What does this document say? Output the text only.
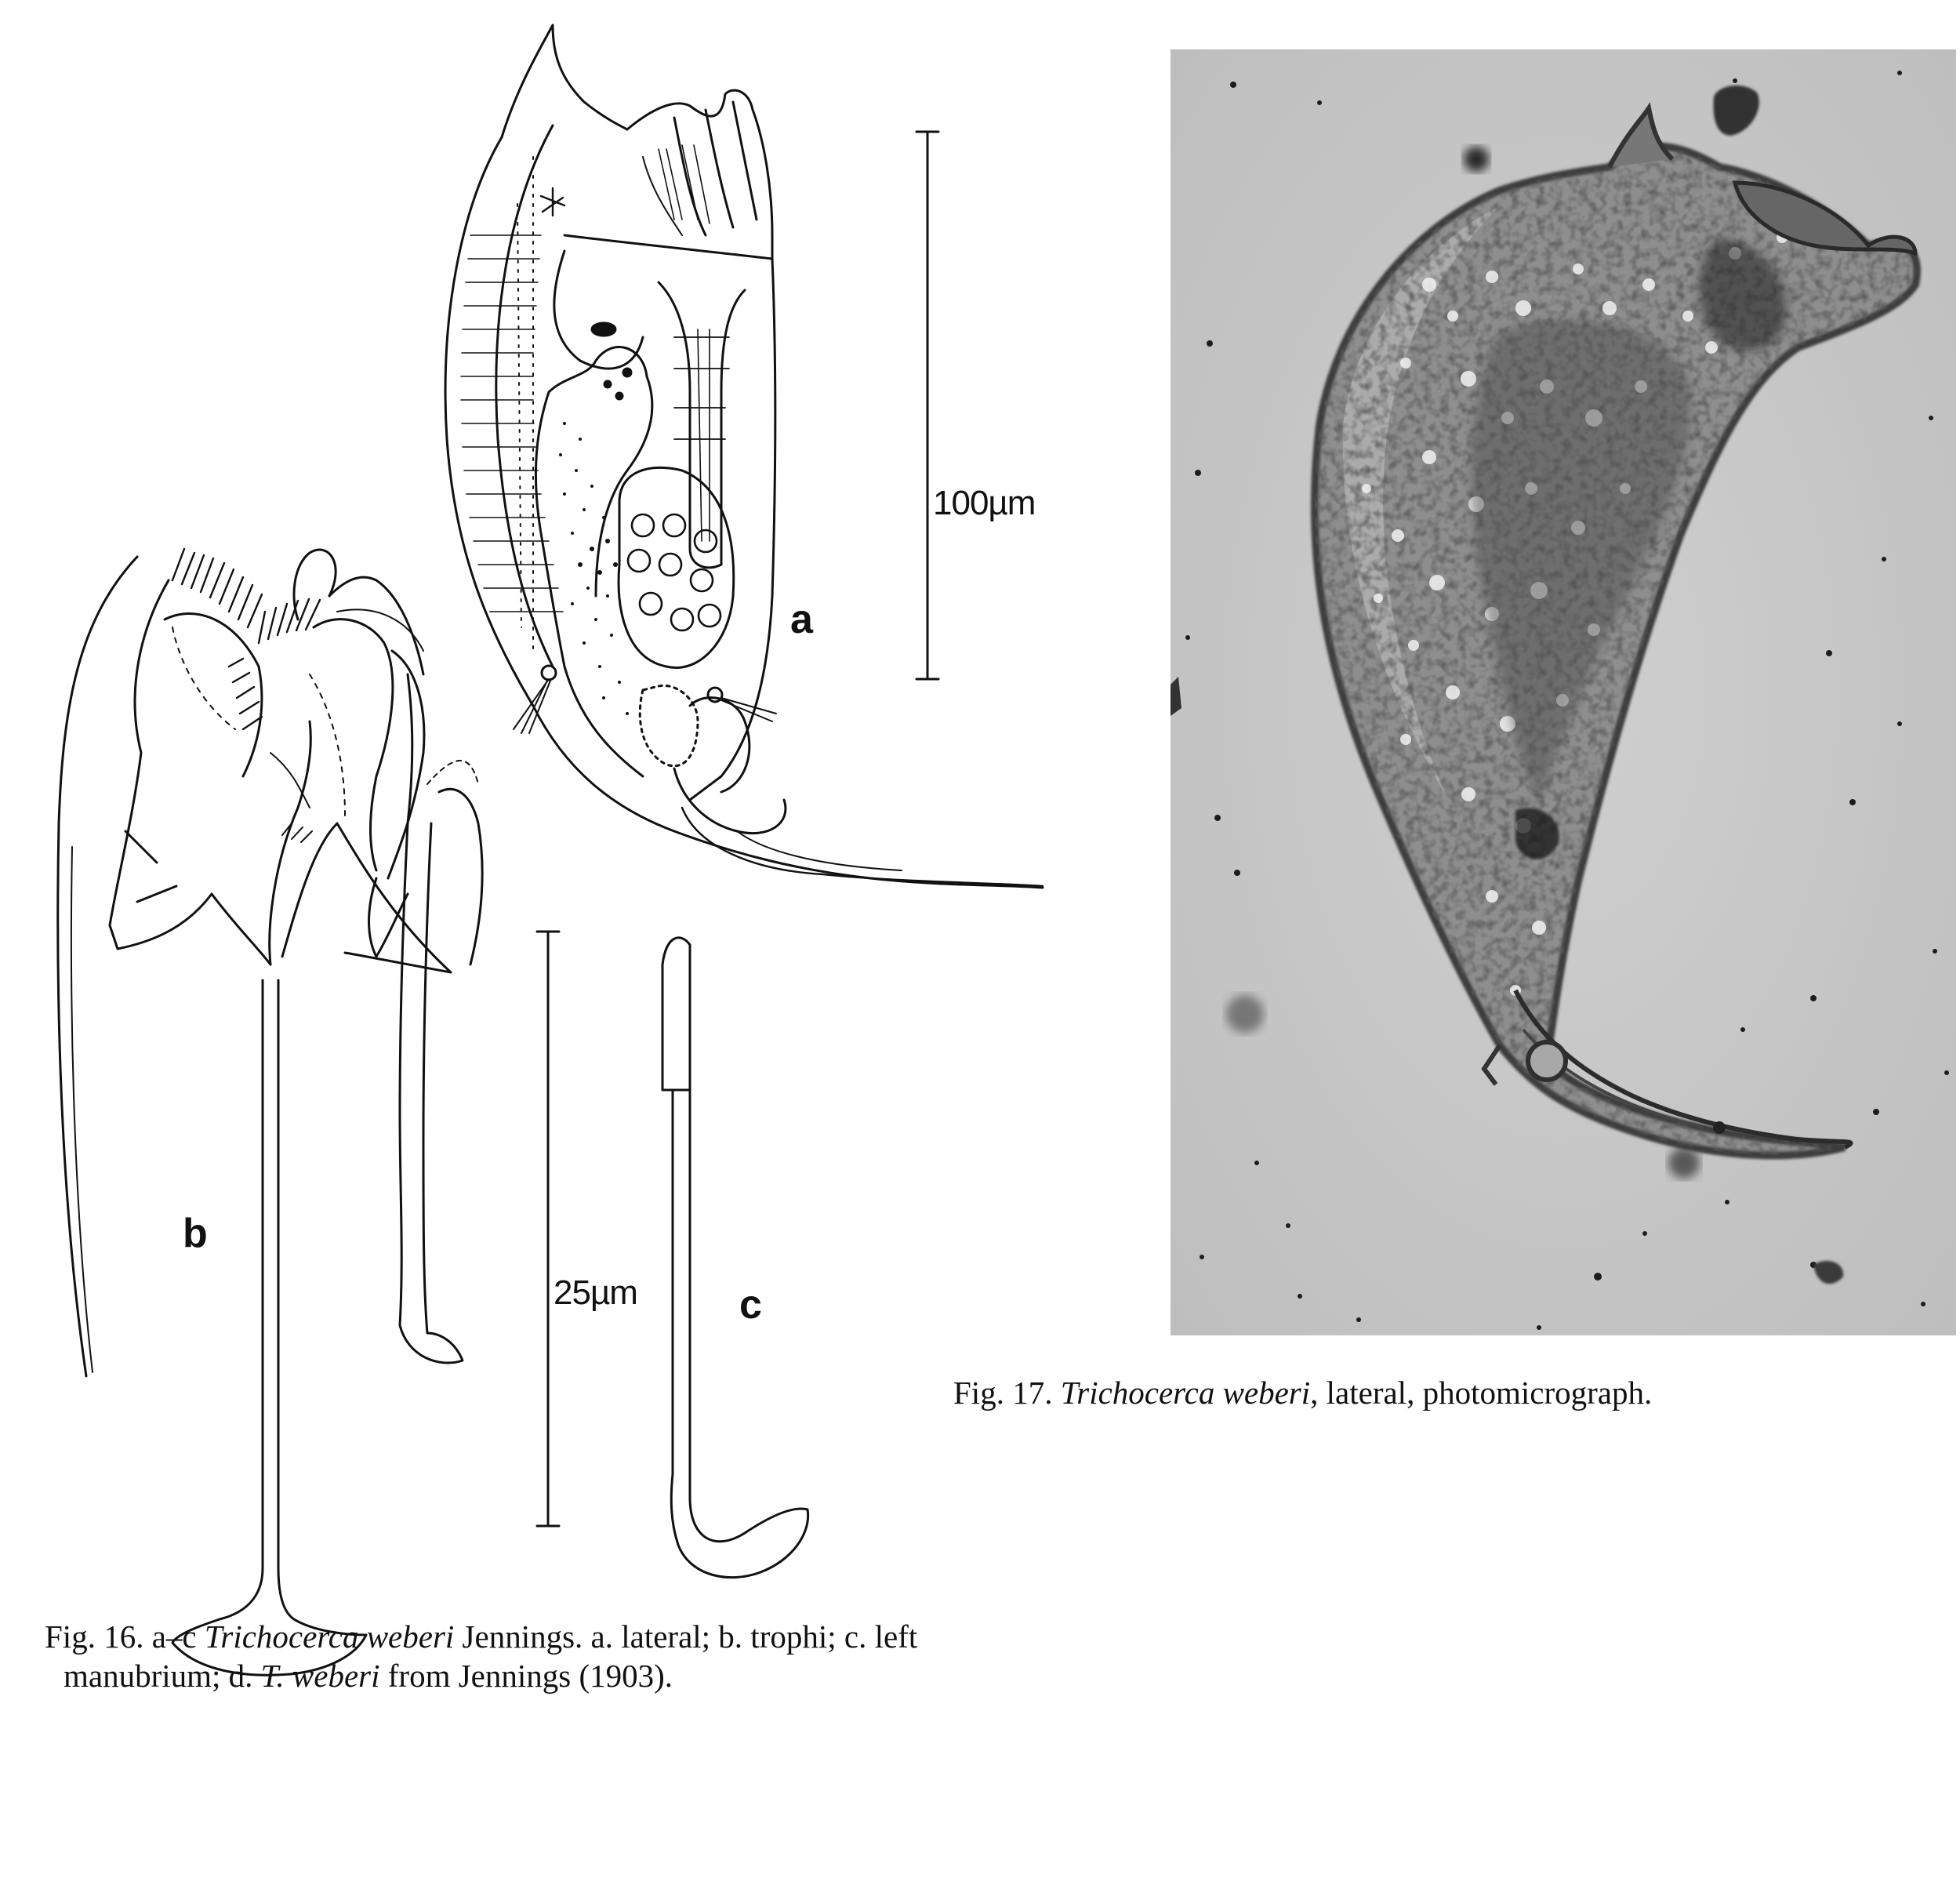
a
b
c
100µm
25µm
Fig. 16. a–c Trichocerca weberi Jennings. a. lateral; b. trophi; c. left manubrium; d. T. weberi from Jennings (1903).
Fig. 17. Trichocerca weberi, lateral, photomicrograph.
